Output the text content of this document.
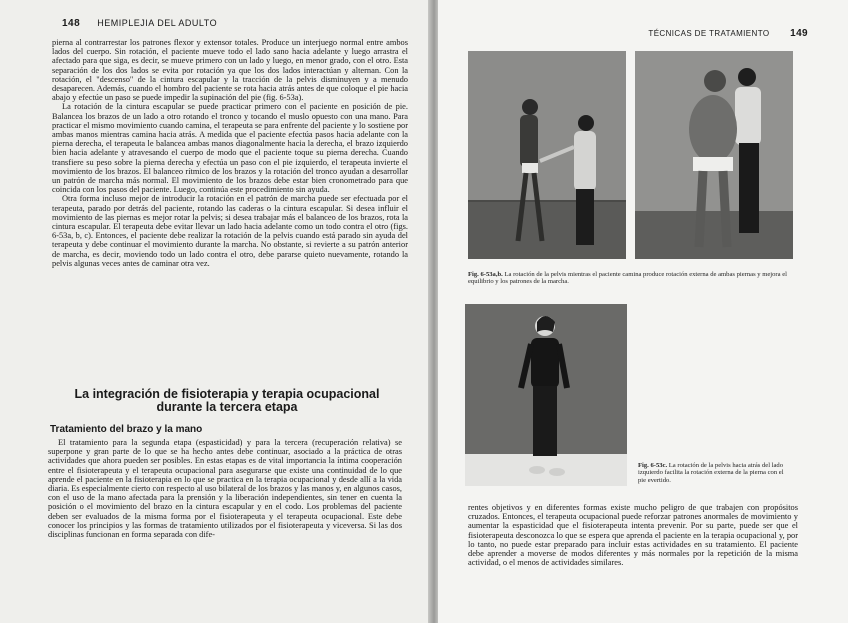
148 HEMIPLEJIA DEL ADULTO

pierna al contrarrestar los patrones flexor y extensor totales. Produce un interjuego normal entre ambos lados del cuerpo. Sin rotación, el paciente mueve todo el lado sano hacia adelante y luego arrastra el afectado para que siga, es decir, se mueve primero con un lado y luego, en menor grado, con el otro. Esta separación de los dos lados se evita por rotación ya que los dos lados interactúan y alternan. Con la rotación, el "descenso" de la cintura escapular y la tracción de la pelvis disminuyen y a menudo desaparecen. Además, cuando el hombro del paciente se rota hacia atrás antes de que coloque el pie hacia abajo y efectúe un paso se puede impedir la supinación del pie (fig. 6-53a).

La rotación de la cintura escapular se puede practicar primero con el paciente en posición de pie. Balancea los brazos de un lado a otro rotando el tronco y tocando el muslo opuesto con una mano. Para practicar el mismo movimiento cuando camina, el terapeuta se para enfrente del paciente y lo sostiene por ambas manos mientras camina hacia atrás. A medida que el paciente efectúa pasos hacia adelante con la pierna derecha, el terapeuta le balancea ambas manos diagonalmente hacia la derecha, el brazo izquierdo bien hacia adelante y atravesando el cuerpo de modo que el paciente toque su pierna derecha. Cuando transfiere su peso sobre la pierna derecha y efectúa un paso con el pie izquierdo, el terapeuta invierte el movimiento de los brazos. El balanceo rítmico de los brazos y la rotación del tronco ayudan a desarrollar un patrón de marcha más normal. El movimiento de los brazos debe estar bien cronometrado para que coincida con los pasos del paciente. Luego, continúa este procedimiento sin ayuda.

Otra forma incluso mejor de introducir la rotación en el patrón de marcha puede ser efectuada por el terapeuta, parado por detrás del paciente, rotando las caderas o la cintura escapular. Si desea influir el movimiento de las piernas es mejor rotar la pelvis; si desea trabajar más el balanceo de los brazos, rota la cintura escapular. El terapeuta debe evitar llevar un lado hacia adelante como un todo contra el otro (figs. 6-53a, b, c). Entonces, el paciente debe realizar la rotación de la pelvis cuando está parado sin ayuda del terapeuta y debe continuar el movimiento durante la marcha. No obstante, si revierte a su patrón anterior de marcha, es decir, moviendo todo un lado contra el otro, debe pararse quieto nuevamente, rotando la pelvis algunas veces antes de caminar otra vez.

La integración de fisioterapia y terapia ocupacional durante la tercera etapa
Tratamiento del brazo y la mano

El tratamiento para la segunda etapa (espasticidad) y para la tercera (recuperación relativa) se superpone y gran parte de lo que se ha hecho antes debe continuar, asociado a la práctica de otras actividades que ahora pueden ser posibles. En estas etapas es de vital importancia la íntima cooperación entre el fisioterapeuta y el terapeuta ocupacional para asegurarse que existe una continuidad de lo que aprende el paciente en la fisioterapia en lo que se practica en la terapia ocupacional y desde allí a la vida diaria. Es especialmente cierto con respecto al uso bilateral de los brazos y las manos y, en algunos casos, con el uso de la mano afectada para la prensión y la liberación independientes, sin tener en cuenta la posición o el movimiento del brazo en la cintura escapular y en el codo. Los problemas del paciente deben ser evaluados de la misma forma por el fisioterapeuta y el terapeuta ocupacional. Este debe conocer los principios y las formas de tratamiento utilizados por el fisioterapeuta y viceversa. Si las dos disciplinas funcionan en forma separada con dife-

TÉCNICAS DE TRATAMIENTO 149
Fig. 6-53a,b. La rotación de la pelvis mientras el paciente camina produce rotación externa de ambas piernas y mejora el equilibrio y los patrones de la marcha.
Fig. 6-53c. La rotación de la pelvis hacia atrás del lado izquierdo facilita la rotación externa de la pierna con el pie evertido.

rentes objetivos y en diferentes formas existe mucho peligro de que trabajen con propósitos cruzados. Entonces, el terapeuta ocupacional puede reforzar patrones anormales de movimiento y aumentar la espasticidad que el fisioterapeuta intenta prevenir. Por su parte, puede ser que el fisioterapeuta desconozca lo que se espera que aprenda el paciente en la terapia ocupacional y, por lo tanto, no puede estar preparado para incluir estas actividades en su tratamiento. El paciente debe aprender a moverse de modos diferentes y más normales por la repetición de la misma actividad, o el menos de actividades similares.
